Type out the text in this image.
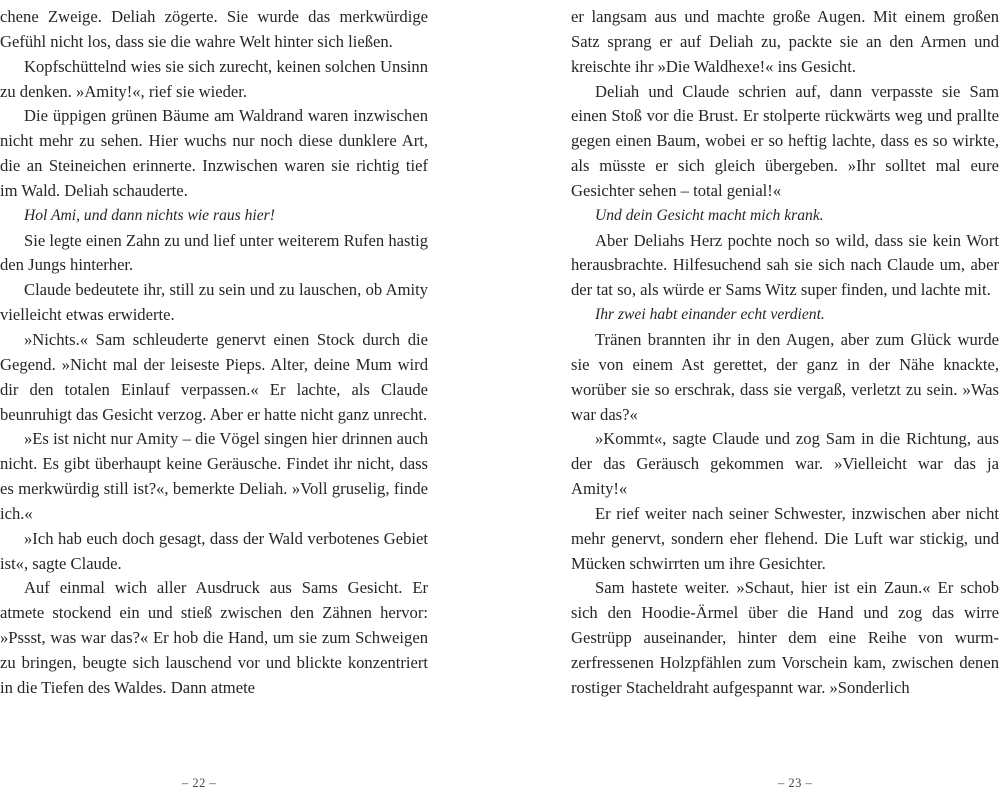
chene Zweige. Deliah zögerte. Sie wurde das merkwürdige Gefühl nicht los, dass sie die wahre Welt hinter sich ließen.

Kopfschüttelnd wies sie sich zurecht, keinen solchen Unsinn zu denken. »Amity!«, rief sie wieder.

Die üppigen grünen Bäume am Waldrand waren inzwischen nicht mehr zu sehen. Hier wuchs nur noch diese dunklere Art, die an Steineichen erinnerte. Inzwischen waren sie richtig tief im Wald. Deliah schauderte.

Hol Ami, und dann nichts wie raus hier!

Sie legte einen Zahn zu und lief unter weiterem Rufen hastig den Jungs hinterher.

Claude bedeutete ihr, still zu sein und zu lauschen, ob Amity vielleicht etwas erwiderte.

»Nichts.« Sam schleuderte genervt einen Stock durch die Gegend. »Nicht mal der leiseste Pieps. Alter, deine Mum wird dir den totalen Einlauf verpassen.« Er lachte, als Claude beunruhigt das Gesicht verzog. Aber er hatte nicht ganz unrecht.

»Es ist nicht nur Amity – die Vögel singen hier drinnen auch nicht. Es gibt überhaupt keine Geräusche. Findet ihr nicht, dass es merkwürdig still ist?«, bemerkte Deliah. »Voll gruselig, finde ich.«

»Ich hab euch doch gesagt, dass der Wald verbotenes Gebiet ist«, sagte Claude.

Auf einmal wich aller Ausdruck aus Sams Gesicht. Er atmete stockend ein und stieß zwischen den Zähnen hervor: »Pssst, was war das?« Er hob die Hand, um sie zum Schweigen zu bringen, beugte sich lauschend vor und blickte konzentriert in die Tiefen des Waldes. Dann atmete

er langsam aus und machte große Augen. Mit einem großen Satz sprang er auf Deliah zu, packte sie an den Armen und kreischte ihr »Die Waldhexe!« ins Gesicht.

Deliah und Claude schrien auf, dann verpasste sie Sam einen Stoß vor die Brust. Er stolperte rückwärts weg und prallte gegen einen Baum, wobei er so heftig lachte, dass es so wirkte, als müsste er sich gleich übergeben. »Ihr solltet mal eure Gesichter sehen – total genial!«

Und dein Gesicht macht mich krank.

Aber Deliahs Herz pochte noch so wild, dass sie kein Wort herausbrachte. Hilfesuchend sah sie sich nach Claude um, aber der tat so, als würde er Sams Witz super finden, und lachte mit.

Ihr zwei habt einander echt verdient.

Tränen brannten ihr in den Augen, aber zum Glück wurde sie von einem Ast gerettet, der ganz in der Nähe knackte, worüber sie so erschrak, dass sie vergaß, verletzt zu sein. »Was war das?«

»Kommt«, sagte Claude und zog Sam in die Richtung, aus der das Geräusch gekommen war. »Vielleicht war das ja Amity!«

Er rief weiter nach seiner Schwester, inzwischen aber nicht mehr genervt, sondern eher flehend. Die Luft war stickig, und Mücken schwirrten um ihre Gesichter.

Sam hastete weiter. »Schaut, hier ist ein Zaun.« Er schob sich den Hoodie-Ärmel über die Hand und zog das wirre Gestrüpp auseinander, hinter dem eine Reihe von wurmzerfressenen Holzpfählen zum Vorschein kam, zwischen denen rostiger Stacheldraht aufgespannt war. »Sonderlich

– 22 –	– 23 –
